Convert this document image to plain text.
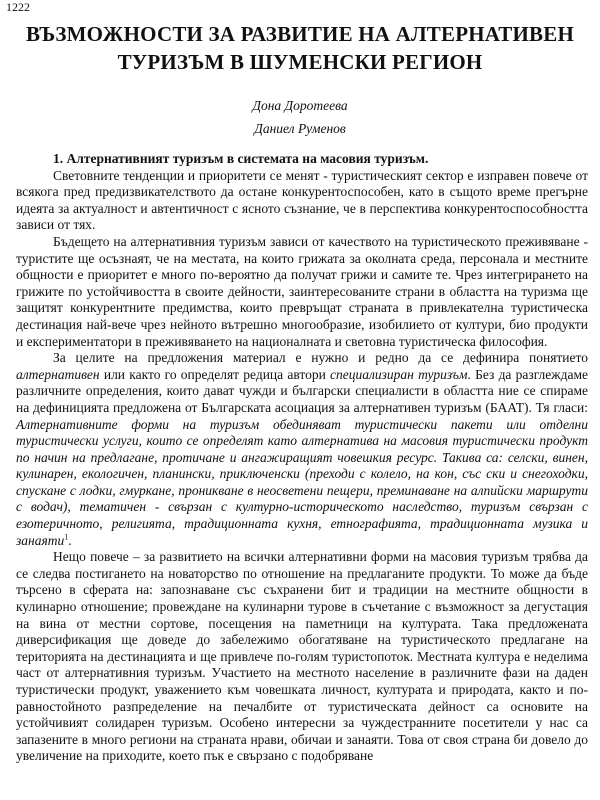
1222
ВЪЗМОЖНОСТИ ЗА РАЗВИТИЕ НА АЛТЕРНАТИВЕН
ТУРИЗЪМ В ШУМЕНСКИ РЕГИОН
Дона Доротеева
Даниел Руменов

1. Алтернативният туризъм в системата на масовия туризъм.

Световните тенденции и приоритети се менят - туристическият сектор е изправен повече от всякога пред предизвикателството да остане конкурентоспособен, като в същото време прегърне идеята за актуалност и автентичност с ясното съзнание, че в перспектива конкурентоспособността зависи от тях.

Бъдещето на алтернативния туризъм зависи от качеството на туристическото преживяване - туристите ще осъзнаят, че на местата, на които грижата за околната среда, персонала и местните общности е приоритет е много по-вероятно да получат грижи и самите те. Чрез интегрирането на грижите по устойчивостта в своите дейности, заинтересованите страни в областта на туризма ще защитят конкурентните предимства, които превръщат страната в привлекателна туристическа дестинация най-вече чрез нейното вътрешно многообразие, изобилието от култури, био продукти и експериментатори в преживяването на националната и световна туристическа философия.

За целите на предложения материал е нужно и редно да се дефинира понятието алтернативен или както го определят редица автори специализиран туризъм. Без да разглеждаме различните определения, които дават чужди и български специалисти в областта ние се спираме на дефиницията предложена от Българската асоциация за алтернативен туризъм (БААТ). Тя гласи: Алтернативните форми на туризъм обединяват туристически пакети или отделни туристически услуги, които се определят като алтернатива на масовия туристически продукт по начин на предлагане, протичане и ангажиращият човешкия ресурс. Такива са: селски, винен, кулинарен, екологичен, планински, приключенски (преходи с колело, на кон, със ски и снегоходки, спускане с лодки, гмуркане, проникване в неосветени пещери, преминаване на алпийски маршрути с водач), тематичен - свързан с културно-историческото наследство, туризъм свързан с езотеричното, религията, традиционната кухня, етнографията, традиционната музика и занаяти$^1$.

Нещо повече – за развитието на всички алтернативни форми на масовия туризъм трябва да се следва постигането на новаторство по отношение на предлаганите продукти. То може да бъде търсено в сферата на: запознаване със съхранени бит и традиции на местните общности в кулинарно отношение; провеждане на кулинарни турове в съчетание с възможност за дегустация на вина от местни сортове, посещения на паметници на културата. Така предложената диверсификация ще доведе до забележимо обогатяване на туристическото предлагане на територията на дестинацията и ще привлече по-голям туристопоток. Местната култура е неделима част от алтернативния туризъм. Участието на местното население в различните фази на даден туристически продукт, уважението към човешката личност, културата и природата, както и по-равностойното разпределение на печалбите от туристическата дейност са основите на устойчивият солидарен туризъм. Особено интересни за чуждестранните посетители у нас са запазените в много региони на страната нрави, обичаи и занаяти. Това от своя страна би довело до увеличение на приходите, което пък е свързано с подобряване
